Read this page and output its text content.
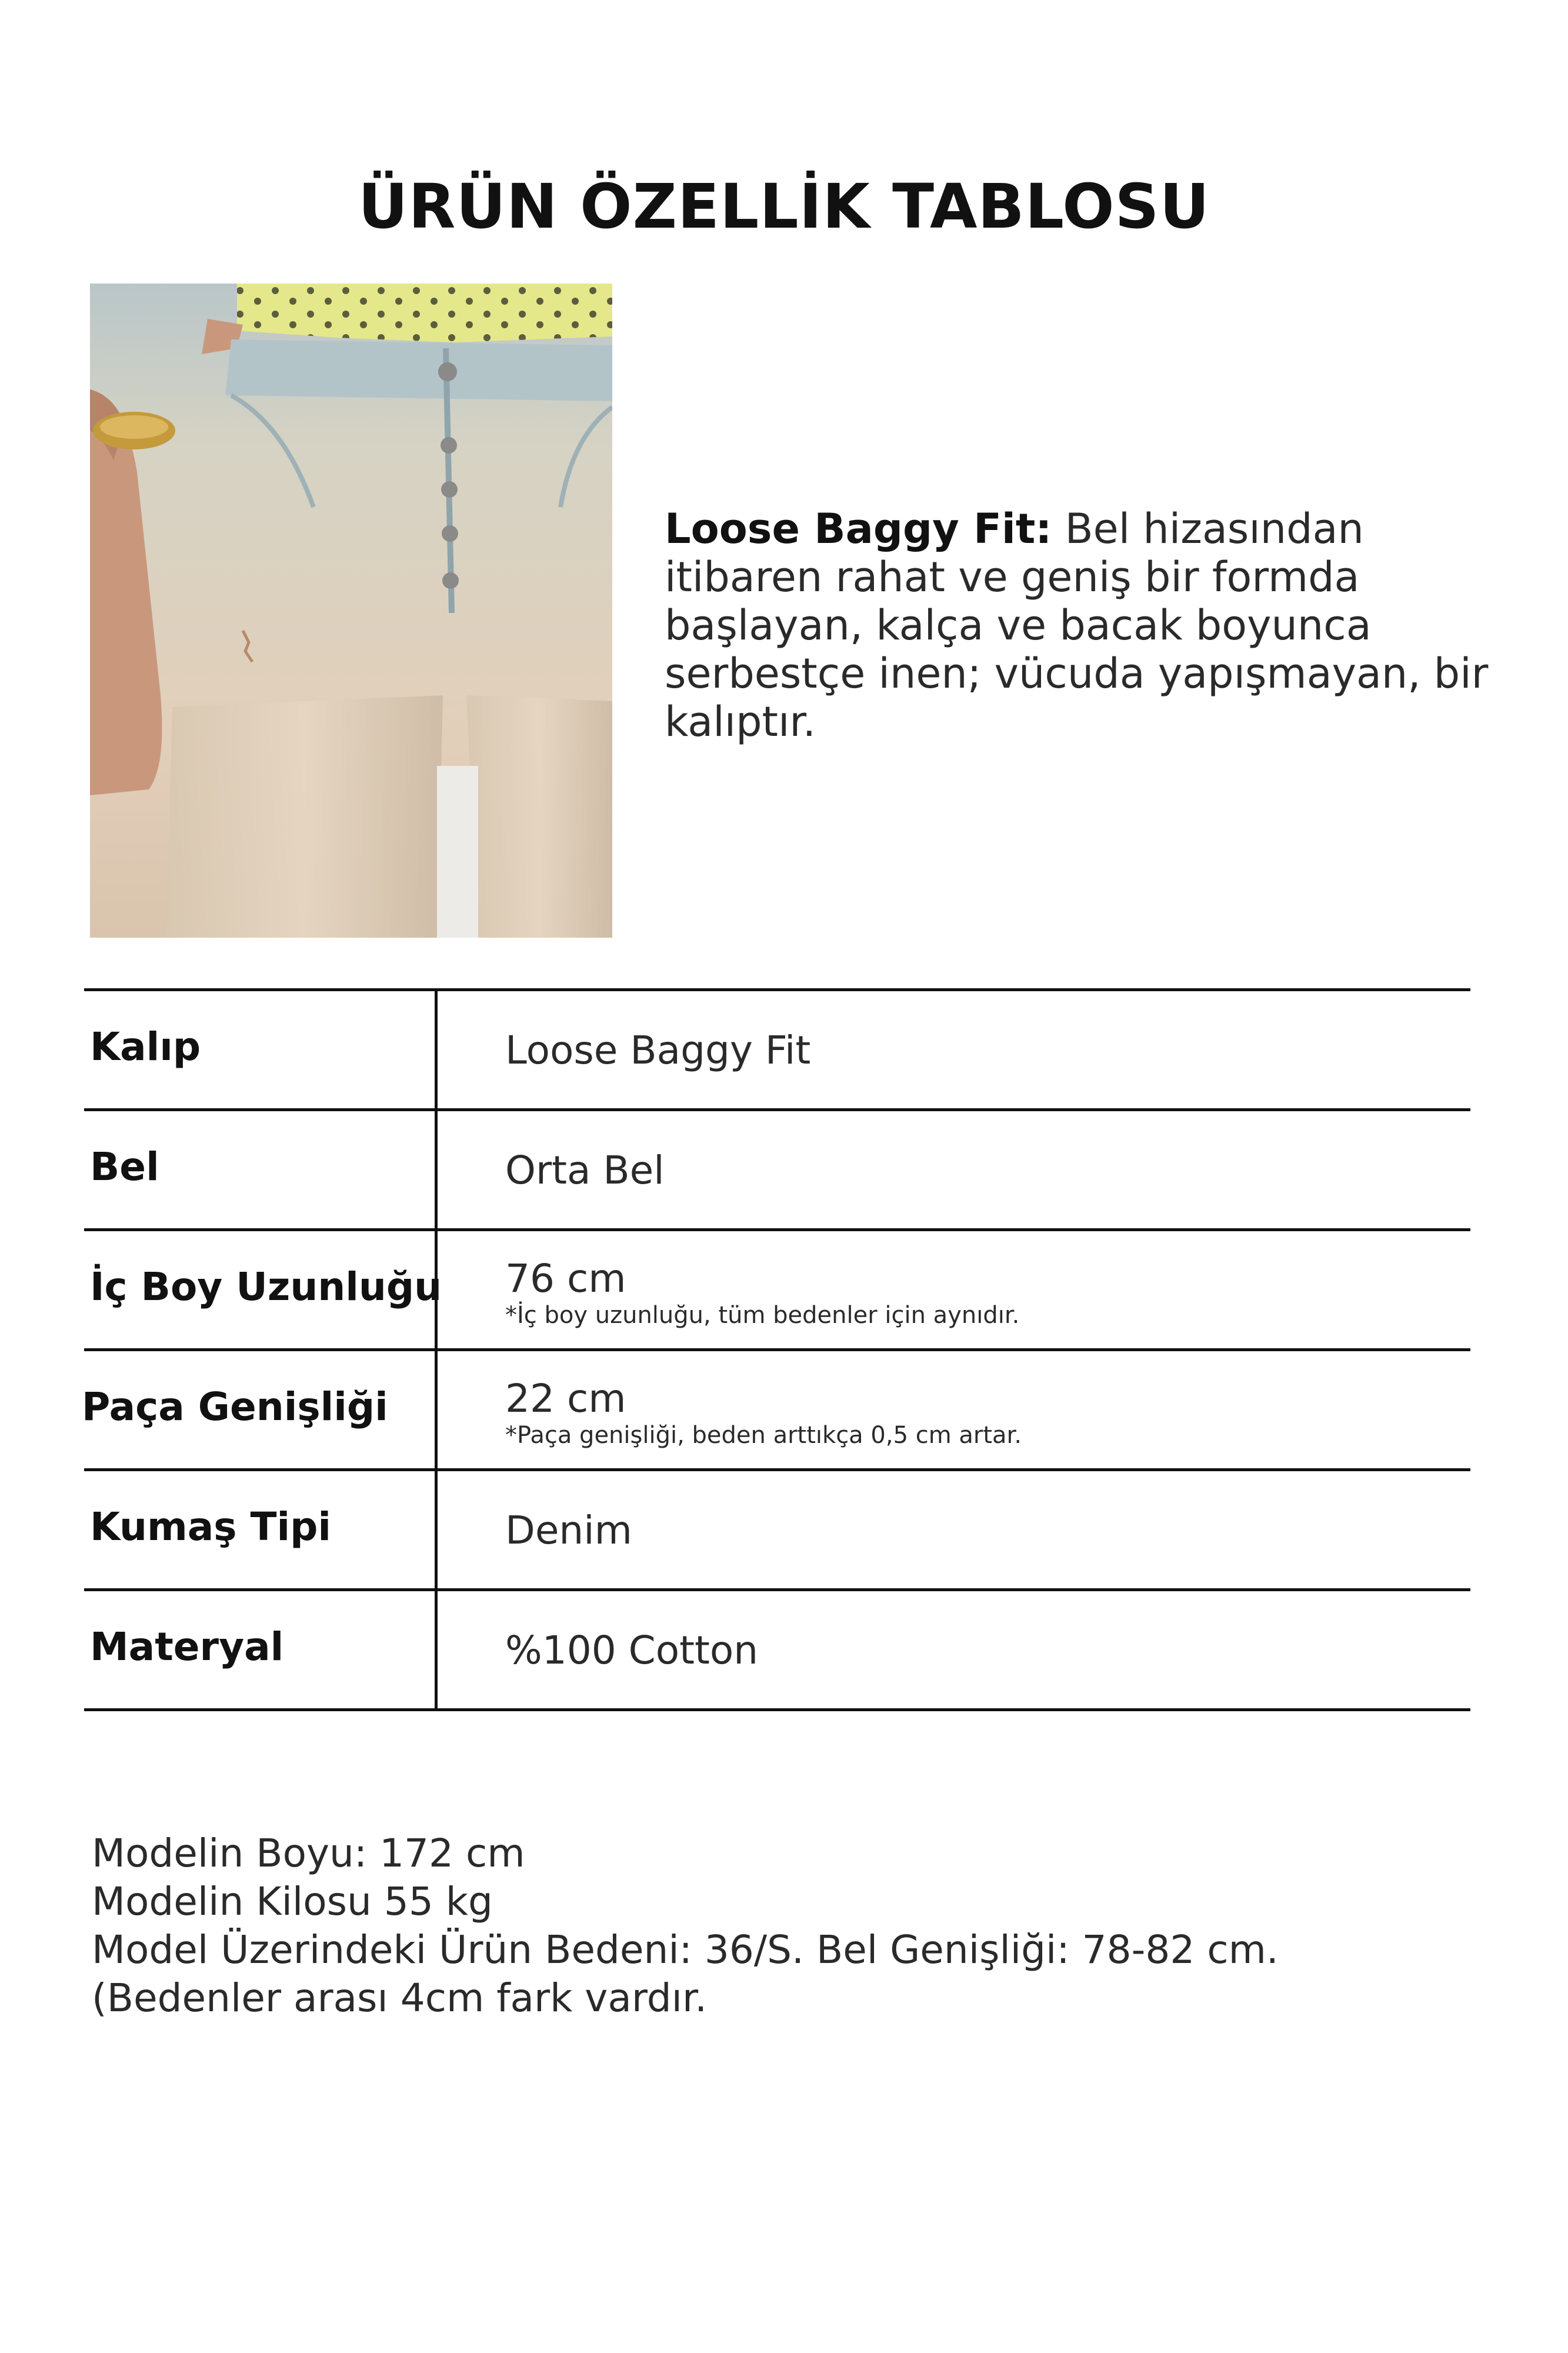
ÜRÜN ÖZELLİK TABLOSU
Loose Baggy Fit: Bel hizasından itibaren rahat ve geniş bir formda başlayan, kalça ve bacak boyunca serbestçe inen; vücuda yapışmayan, bir kalıptır.
Kalıp	Loose Baggy Fit
Bel	Orta Bel
İç Boy Uzunluğu 76 cm
*İç boy uzunluğu, tüm bedenler için aynıdır.
Paça Genişliği	22 cm
*Paça genişliği, beden arttıkça 0,5 cm artar.
Kumaş Tipi	Denim
Materyal	%100 Cotton
Modelin Boyu: 172 cm
Modelin Kilosu 55 kg
Model Üzerindeki Ürün Bedeni: 36/S. Bel Genişliği: 78-82 cm. (Bedenler arası 4cm fark vardır.
